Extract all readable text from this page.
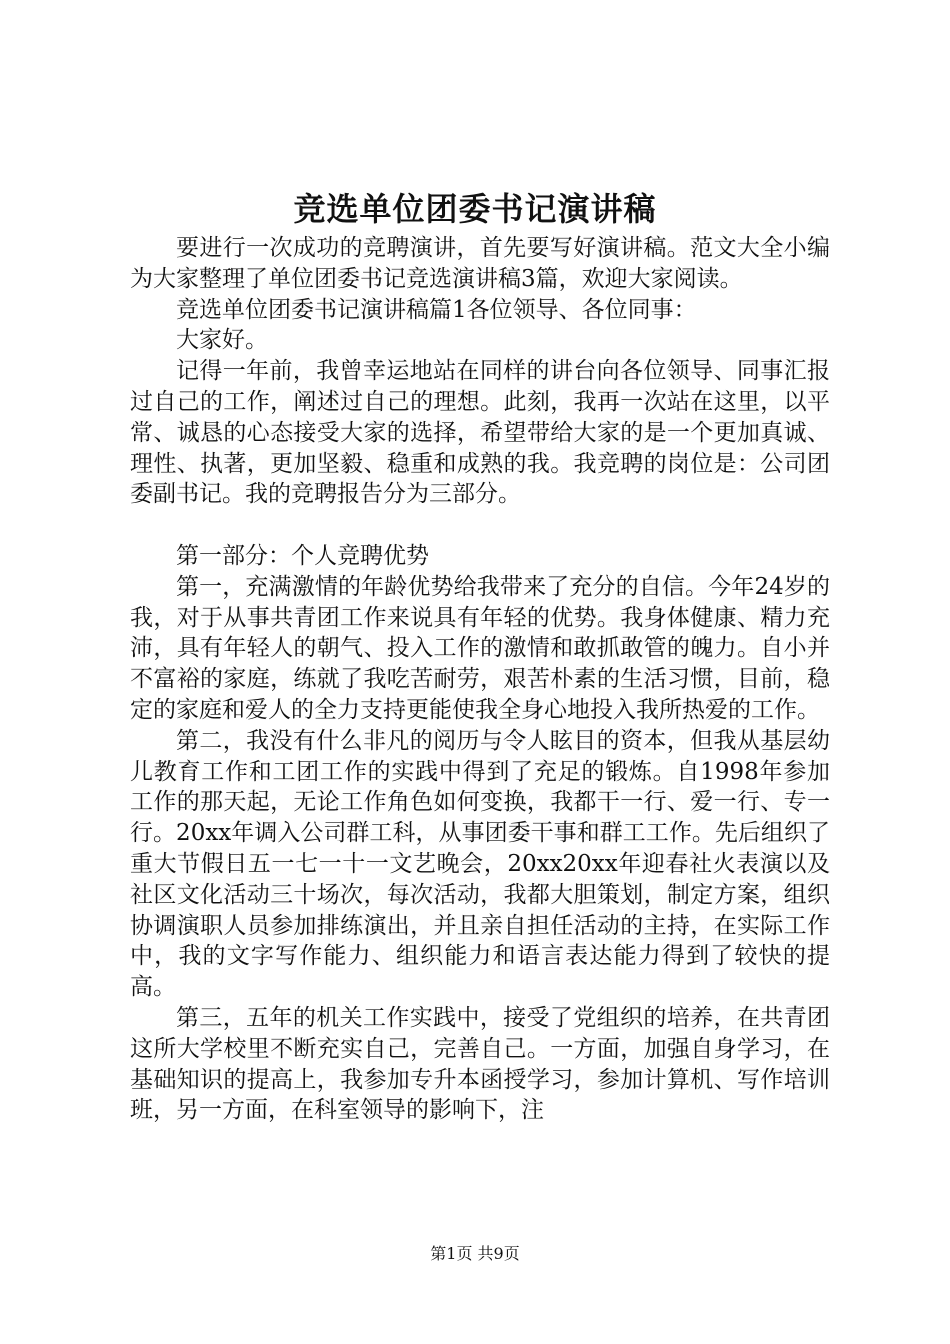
竞选单位团委书记演讲稿

要进行一次成功的竞聘演讲，首先要写好演讲稿。范文大全小编为大家整理了单位团委书记竞选演讲稿3篇，欢迎大家阅读。

竞选单位团委书记演讲稿篇1各位领导、各位同事：

大家好。

记得一年前，我曾幸运地站在同样的讲台向各位领导、同事汇报过自己的工作，阐述过自己的理想。此刻，我再一次站在这里，以平常、诚恳的心态接受大家的选择，希望带给大家的是一个更加真诚、理性、执著，更加坚毅、稳重和成熟的我。我竞聘的岗位是：公司团委副书记。我的竞聘报告分为三部分。

第一部分：个人竞聘优势

第一，充满激情的年龄优势给我带来了充分的自信。今年24岁的我，对于从事共青团工作来说具有年轻的优势。我身体健康、精力充沛，具有年轻人的朝气、投入工作的激情和敢抓敢管的魄力。自小并不富裕的家庭，练就了我吃苦耐劳，艰苦朴素的生活习惯，目前，稳定的家庭和爱人的全力支持更能使我全身心地投入我所热爱的工作。

第二，我没有什么非凡的阅历与令人眩目的资本，但我从基层幼儿教育工作和工团工作的实践中得到了充足的锻炼。自1998年参加工作的那天起，无论工作角色如何变换，我都干一行、爱一行、专一行。20xx年调入公司群工科，从事团委干事和群工工作。先后组织了重大节假日五一七一十一文艺晚会，20xx20xx年迎春社火表演以及社区文化活动三十场次，每次活动，我都大胆策划，制定方案，组织协调演职人员参加排练演出，并且亲自担任活动的主持，在实际工作中，我的文字写作能力、组织能力和语言表达能力得到了较快的提高。

第三，五年的机关工作实践中，接受了党组织的培养，在共青团这所大学校里不断充实自己，完善自己。一方面，加强自身学习，在基础知识的提高上，我参加专升本函授学习，参加计算机、写作培训班，另一方面，在科室领导的影响下，注

第1页 共9页
